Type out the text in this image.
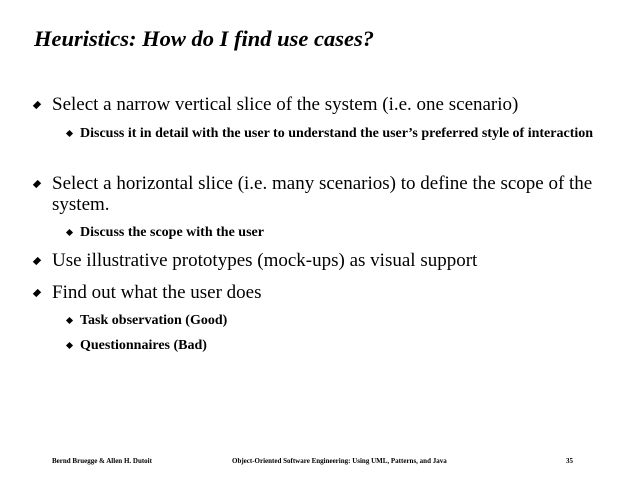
Heuristics: How do I find use cases?
Select a narrow vertical slice of the system (i.e. one scenario)
Discuss it in detail with the user to understand the user’s preferred style of interaction
Select a horizontal slice (i.e. many scenarios) to define the scope of the system.
Discuss the scope with the user
Use illustrative prototypes (mock-ups) as visual support
Find out what the user does
Task observation (Good)
Questionnaires (Bad)
Bernd Bruegge & Allen H. Dutoit	Object-Oriented Software Engineering: Using UML, Patterns, and Java	35
